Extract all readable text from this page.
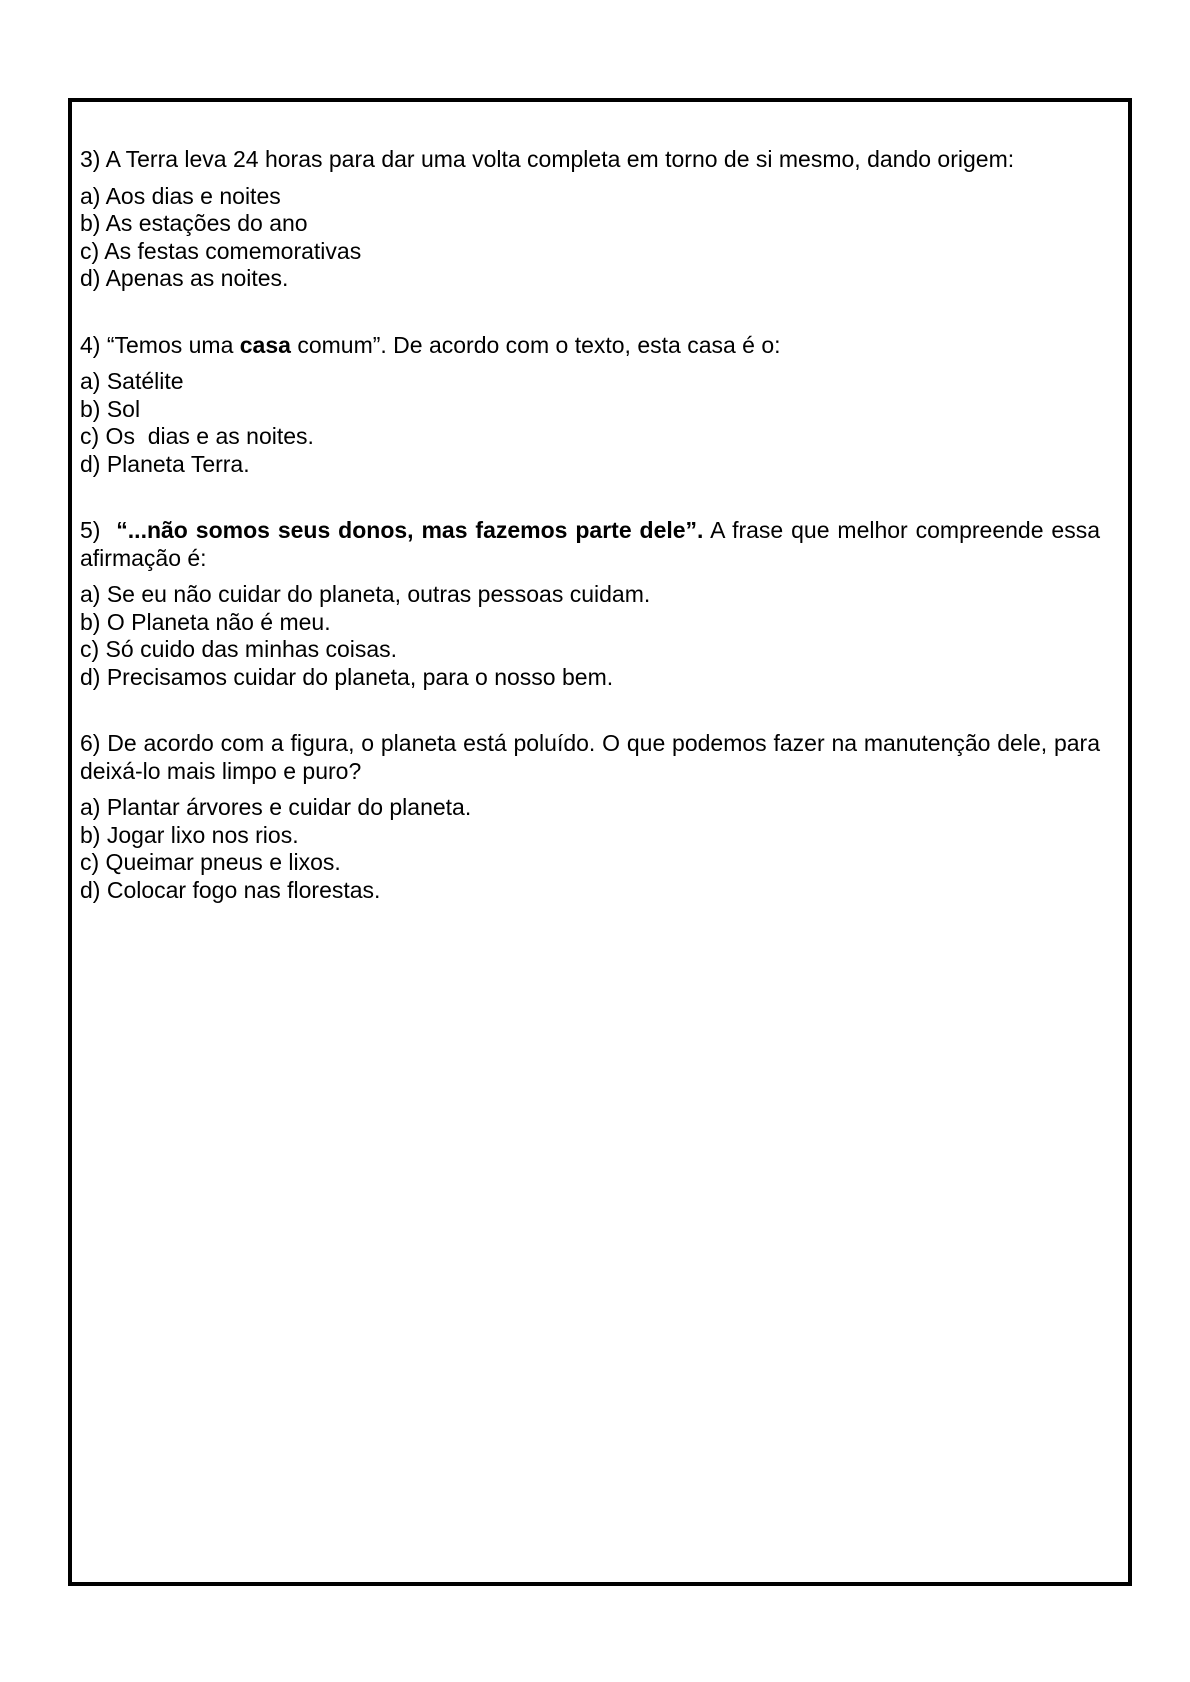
3) A Terra leva 24 horas para dar uma volta completa em torno de si mesmo, dando origem:

a) Aos dias e noites
b) As estações do ano
c) As festas comemorativas
d) Apenas as noites.

4) “Temos uma casa comum”. De acordo com o texto, esta casa é o:

a) Satélite
b) Sol
c) Os  dias e as noites.
d) Planeta Terra.

5)  “...não somos seus donos, mas fazemos parte dele”. A frase que melhor compreende essa afirmação é:

a) Se eu não cuidar do planeta, outras pessoas cuidam.
b) O Planeta não é meu.
c) Só cuido das minhas coisas.
d) Precisamos cuidar do planeta, para o nosso bem.

6) De acordo com a figura, o planeta está poluído. O que podemos fazer na manutenção dele, para deixá-lo mais limpo e puro?

a) Plantar árvores e cuidar do planeta.
b) Jogar lixo nos rios.
c) Queimar pneus e lixos.
d) Colocar fogo nas florestas.
